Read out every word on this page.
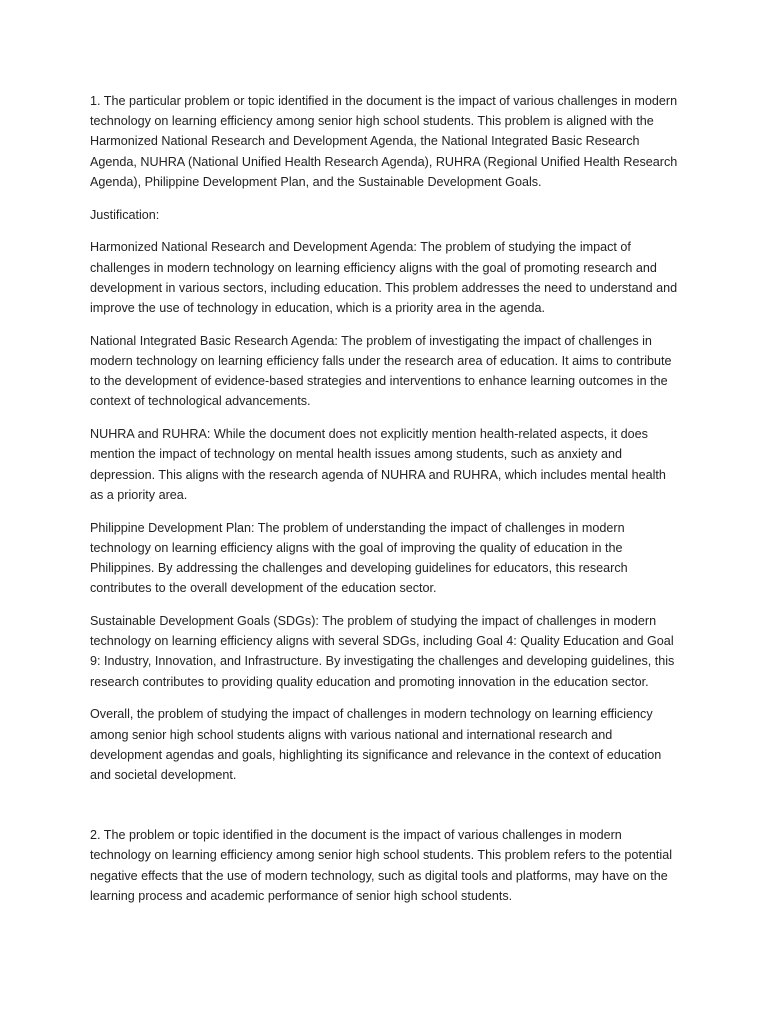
1. The particular problem or topic identified in the document is the impact of various challenges in modern technology on learning efficiency among senior high school students. This problem is aligned with the Harmonized National Research and Development Agenda, the National Integrated Basic Research Agenda, NUHRA (National Unified Health Research Agenda), RUHRA (Regional Unified Health Research Agenda), Philippine Development Plan, and the Sustainable Development Goals.

Justification:

Harmonized National Research and Development Agenda: The problem of studying the impact of challenges in modern technology on learning efficiency aligns with the goal of promoting research and development in various sectors, including education. This problem addresses the need to understand and improve the use of technology in education, which is a priority area in the agenda.

National Integrated Basic Research Agenda: The problem of investigating the impact of challenges in modern technology on learning efficiency falls under the research area of education. It aims to contribute to the development of evidence-based strategies and interventions to enhance learning outcomes in the context of technological advancements.

NUHRA and RUHRA: While the document does not explicitly mention health-related aspects, it does mention the impact of technology on mental health issues among students, such as anxiety and depression. This aligns with the research agenda of NUHRA and RUHRA, which includes mental health as a priority area.

Philippine Development Plan: The problem of understanding the impact of challenges in modern technology on learning efficiency aligns with the goal of improving the quality of education in the Philippines. By addressing the challenges and developing guidelines for educators, this research contributes to the overall development of the education sector.

Sustainable Development Goals (SDGs): The problem of studying the impact of challenges in modern technology on learning efficiency aligns with several SDGs, including Goal 4: Quality Education and Goal 9: Industry, Innovation, and Infrastructure. By investigating the challenges and developing guidelines, this research contributes to providing quality education and promoting innovation in the education sector.

Overall, the problem of studying the impact of challenges in modern technology on learning efficiency among senior high school students aligns with various national and international research and development agendas and goals, highlighting its significance and relevance in the context of education and societal development.

2. The problem or topic identified in the document is the impact of various challenges in modern technology on learning efficiency among senior high school students. This problem refers to the potential negative effects that the use of modern technology, such as digital tools and platforms, may have on the learning process and academic performance of senior high school students.
